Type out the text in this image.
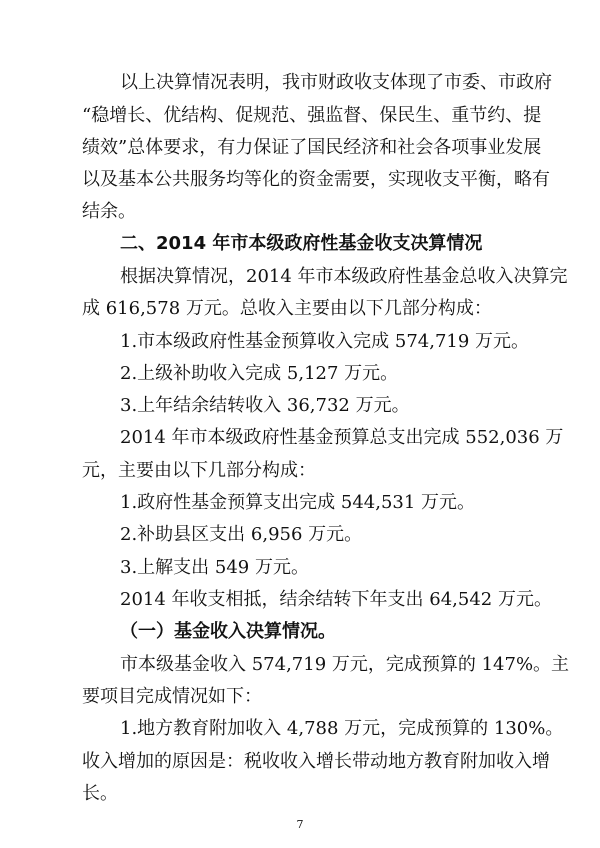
以上决算情况表明，我市财政收支体现了市委、市政府

“稳增长、优结构、促规范、强监督、保民生、重节约、提

绩效”总体要求，有力保证了国民经济和社会各项事业发展

以及基本公共服务均等化的资金需要，实现收支平衡，略有

结余。

二、2014 年市本级政府性基金收支决算情况

根据决算情况，2014 年市本级政府性基金总收入决算完

成 616,578 万元。总收入主要由以下几部分构成：

1.市本级政府性基金预算收入完成 574,719 万元。

2.上级补助收入完成 5,127 万元。

3.上年结余结转收入 36,732 万元。

2014 年市本级政府性基金预算总支出完成 552,036 万

元，主要由以下几部分构成：

1.政府性基金预算支出完成 544,531 万元。

2.补助县区支出 6,956 万元。

3.上解支出 549 万元。

2014 年收支相抵，结余结转下年支出 64,542 万元。

（一）基金收入决算情况。

市本级基金收入 574,719 万元，完成预算的 147%。主

要项目完成情况如下：

1.地方教育附加收入 4,788 万元，完成预算的 130%。

收入增加的原因是：税收收入增长带动地方教育附加收入增

长。

7
